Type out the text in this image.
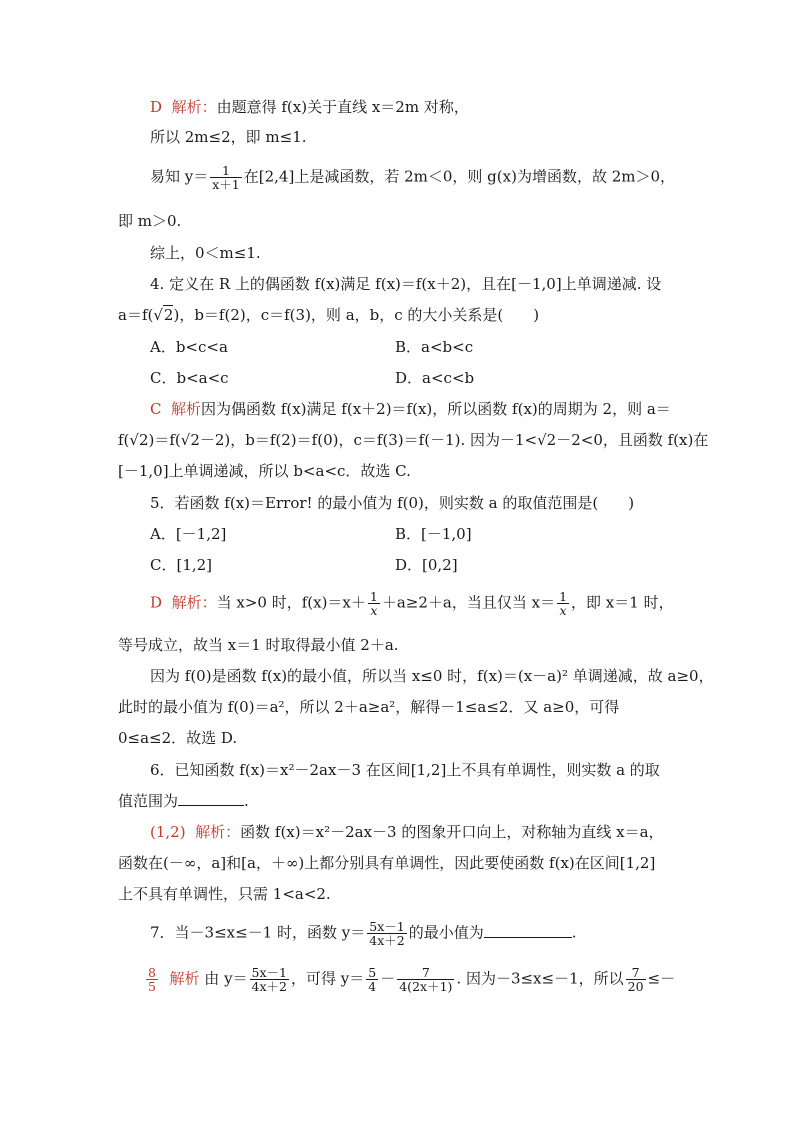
D 解析：由题意得 f(x)关于直线 x＝2m 对称，
所以 2m≤2，即 m≤1.
易知 $y= \frac{1}{x+1}$ 在[2,4]上是减函数，若 2m＜0，则 g(x)为增函数，故 2m＞0，
即 m＞0.
综上，0＜m≤1.
4. 定义在 R 上的偶函数 f(x)满足 f(x)＝f(x＋2)，且在[－1,0]上单调递减. 设
a＝f(√2)，b＝f(2)，c＝f(3)，则 a，b，c 的大小关系是(　　)
A．b<c<a	B．a<b<c
C．b<a<c	D．a<c<b
C 解析因为偶函数 f(x)满足 f(x＋2)＝f(x)，所以函数 f(x)的周期为 2，则 a＝
f(√2)＝f(√2－2)，b＝f(2)＝f(0)，c＝f(3)＝f(－1). 因为－1<√2－2<0，且函数 f(x)在
[－1,0]上单调递减，所以 b<a<c．故选 C.
5．若函数 f(x)＝Error! 的最小值为 f(0)，则实数 a 的取值范围是(　　)
A．[－1,2]	B．[－1,0]
C．[1,2]	D．[0,2]
D 解析：当 x>0 时，$f(x)=x+ \frac{1}{x} +a\ge 2+a$，当且仅当 $x= \frac{1}{x}$ ，即 x＝1 时，
等号成立，故当 x＝1 时取得最小值 2＋a.
因为 f(0)是函数 f(x)的最小值，所以当 x≤0 时，f(x)＝(x－a)² 单调递减，故 a≥0，
此时的最小值为 f(0)＝a²，所以 2＋a≥a²，解得－1≤a≤2．又 a≥0，可得
0≤a≤2．故选 D.
6．已知函数 f(x)＝x²－2ax－3 在区间[1,2]上不具有单调性，则实数 a 的取
值范围为	.
(1,2) 解析：函数 f(x)＝x²－2ax－3 的图象开口向上，对称轴为直线 x＝a，
函数在(－∞，a]和[a，＋∞)上都分别具有单调性，因此要使函数 f(x)在区间[1,2]
上不具有单调性，只需 1<a<2.
7．当－3≤x≤－1 时，函数 $y= \frac{5x-1}{4x+2}$ 的最小值为	.
$\frac{8}{5}$ 解析 由 $y= \frac{5x-1}{4x+2}$ ，可得 $y= \frac{5}{4} - \frac{7}{4(2x+1)}$ . 因为－3≤x≤－1，所以 $\frac{7}{20}$ ≤－
